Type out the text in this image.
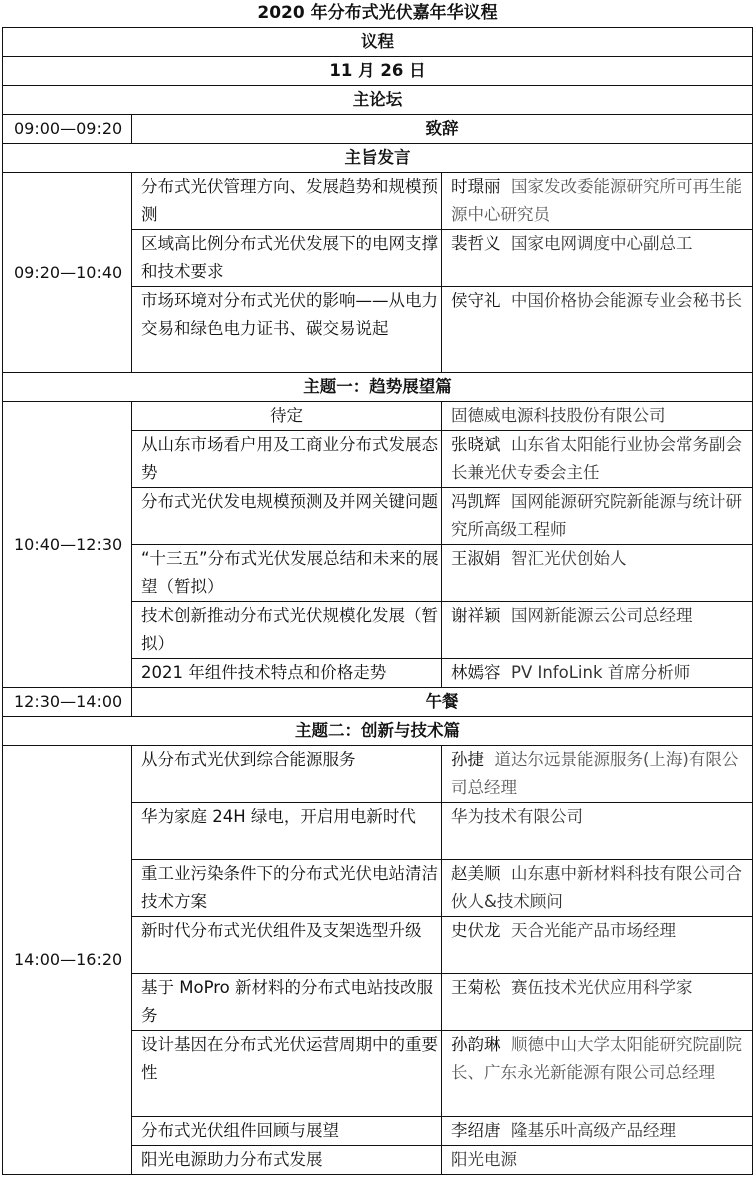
2020 年分布式光伏嘉年华议程
议程		
11 月 26 日		
主论坛		
09:00—09:20	致辞	
主旨发言		
09:20—10:40	分布式光伏管理方向、发展趋势和规模预测	时璟丽 国家发改委能源研究所可再生能源中心研究员
	区域高比例分布式光伏发展下的电网支撑和技术要求	裴哲义 国家电网调度中心副总工
	市场环境对分布式光伏的影响——从电力交易和绿色电力证书、碳交易说起	侯守礼 中国价格协会能源专业会秘书长
主题一：趋势展望篇		
10:40—12:30	待定	固德威电源科技股份有限公司
	从山东市场看户用及工商业分布式发展态势	张晓斌 山东省太阳能行业协会常务副会长兼光伏专委会主任
	分布式光伏发电规模预测及并网关键问题	冯凯辉 国网能源研究院新能源与统计研究所高级工程师
	“十三五”分布式光伏发展总结和未来的展望（暂拟）	王淑娟 智汇光伏创始人
	技术创新推动分布式光伏规模化发展（暂拟）	谢祥颖 国网新能源云公司总经理
	2021 年组件技术特点和价格走势	林嫣容 PV InfoLink 首席分析师
12:30—14:00	午餐	
主题二：创新与技术篇		
14:00—16:20	从分布式光伏到综合能源服务	孙捷 道达尔远景能源服务(上海)有限公司总经理
	华为家庭 24H 绿电，开启用电新时代	华为技术有限公司
	重工业污染条件下的分布式光伏电站清洁技术方案	赵美顺 山东惠中新材料科技有限公司合伙人&技术顾问
	新时代分布式光伏组件及支架选型升级	史伏龙 天合光能产品市场经理
	基于 MoPro 新材料的分布式电站技改服务	王菊松 赛伍技术光伏应用科学家
	设计基因在分布式光伏运营周期中的重要性	孙韵琳 顺德中山大学太阳能研究院副院长、广东永光新能源有限公司总经理
	分布式光伏组件回顾与展望	李绍唐 隆基乐叶高级产品经理
	阳光电源助力分布式发展	阳光电源
